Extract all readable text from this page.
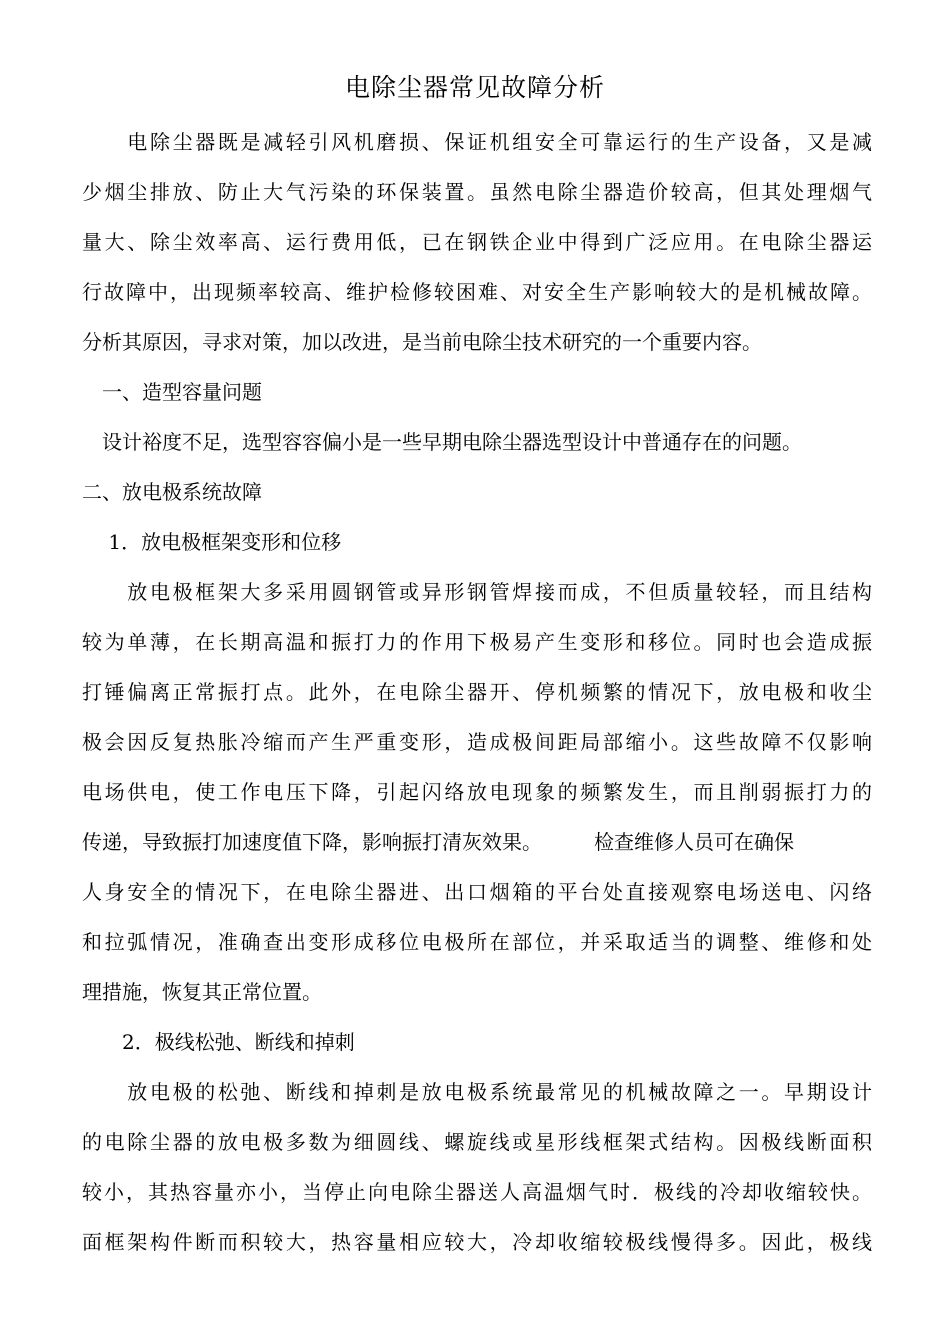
电除尘器常见故障分析
　　电除尘器既是减轻引风机磨损、保证机组安全可靠运行的生产设备，又是减
少烟尘排放、防止大气污染的环保装置。虽然电除尘器造价较高，但其处理烟气
量大、除尘效率高、运行费用低，已在钢铁企业中得到广泛应用。在电除尘器运
行故障中，出现频率较高、维护检修较困难、对安全生产影响较大的是机械故障。
分析其原因，寻求对策，加以改进，是当前电除尘技术研究的一个重要内容。
　一、造型容量问题
　设计裕度不足，选型容容偏小是一些早期电除尘器选型设计中普通存在的问题。
二、放电极系统故障
　 1．放电极框架变形和位移
　　放电极框架大多采用圆钢管或异形钢管焊接而成，不但质量较轻，而且结构
较为单薄，在长期高温和振打力的作用下极易产生变形和移位。同时也会造成振
打锤偏离正常振打点。此外，在电除尘器开、停机频繁的情况下，放电极和收尘
极会因反复热胀冷缩而产生严重变形，造成极间距局部缩小。这些故障不仅影响
电场供电，使工作电压下降，引起闪络放电现象的频繁发生，而且削弱振打力的
传递，导致振打加速度值下降，影响振打清灰效果。	检查维修人员可在确保
人身安全的情况下，在电除尘器进、出口烟箱的平台处直接观察电场送电、闪络
和拉弧情况，准确查出变形成移位电极所在部位，并采取适当的调整、维修和处
理措施，恢复其正常位置。
　　2．极线松弛、断线和掉刺
　　放电极的松弛、断线和掉刺是放电极系统最常见的机械故障之一。早期设计
的电除尘器的放电极多数为细圆线、螺旋线或星形线框架式结构。因极线断面积
较小，其热容量亦小，当停止向电除尘器送人高温烟气时．极线的冷却收缩较快。
面框架构件断而积较大，热容量相应较大，冷却收缩较极线慢得多。因此，极线
